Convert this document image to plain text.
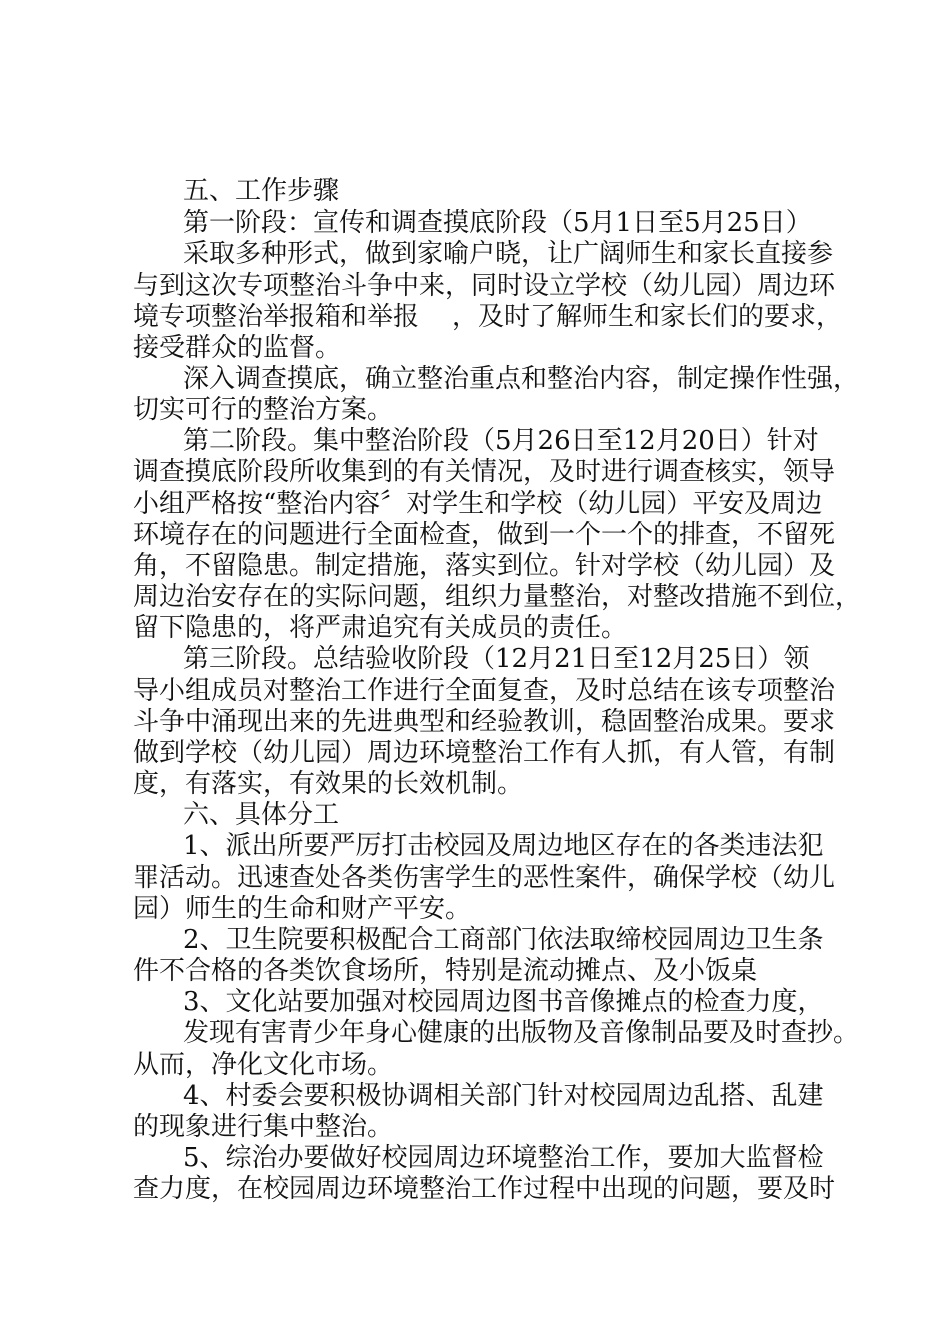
五、工作步骤

第一阶段：宣传和调查摸底阶段（5月1日至5月25日）

采取多种形式，做到家喻户晓，让广阔师生和家长直接参

与到这次专项整治斗争中来，同时设立学校（幼儿园）周边环

境专项整治举报箱和举报    ，及时了解师生和家长们的要求，

接受群众的监督。

深入调查摸底，确立整治重点和整治内容，制定操作性强，

切实可行的整治方案。

第二阶段。集中整治阶段（5月26日至12月20日）针对

调查摸底阶段所收集到的有关情况，及时进行调查核实，领导

小组严格按“整治内容〞对学生和学校（幼儿园）平安及周边

环境存在的问题进行全面检查，做到一个一个的排查，不留死

角，不留隐患。制定措施，落实到位。针对学校（幼儿园）及

周边治安存在的实际问题，组织力量整治，对整改措施不到位，

留下隐患的，将严肃追究有关成员的责任。

第三阶段。总结验收阶段（12月21日至12月25日）领

导小组成员对整治工作进行全面复查，及时总结在该专项整治

斗争中涌现出来的先进典型和经验教训，稳固整治成果。要求

做到学校（幼儿园）周边环境整治工作有人抓，有人管，有制

度，有落实，有效果的长效机制。

六、具体分工

1、派出所要严厉打击校园及周边地区存在的各类违法犯

罪活动。迅速查处各类伤害学生的恶性案件，确保学校（幼儿

园）师生的生命和财产平安。

2、卫生院要积极配合工商部门依法取缔校园周边卫生条

件不合格的各类饮食场所，特别是流动摊点、及小饭桌

3、文化站要加强对校园周边图书音像摊点的检查力度，

发现有害青少年身心健康的出版物及音像制品要及时查抄。

从而，净化文化市场。

4、村委会要积极协调相关部门针对校园周边乱搭、乱建

的现象进行集中整治。

5、综治办要做好校园周边环境整治工作，要加大监督检

查力度，在校园周边环境整治工作过程中出现的问题，要及时
